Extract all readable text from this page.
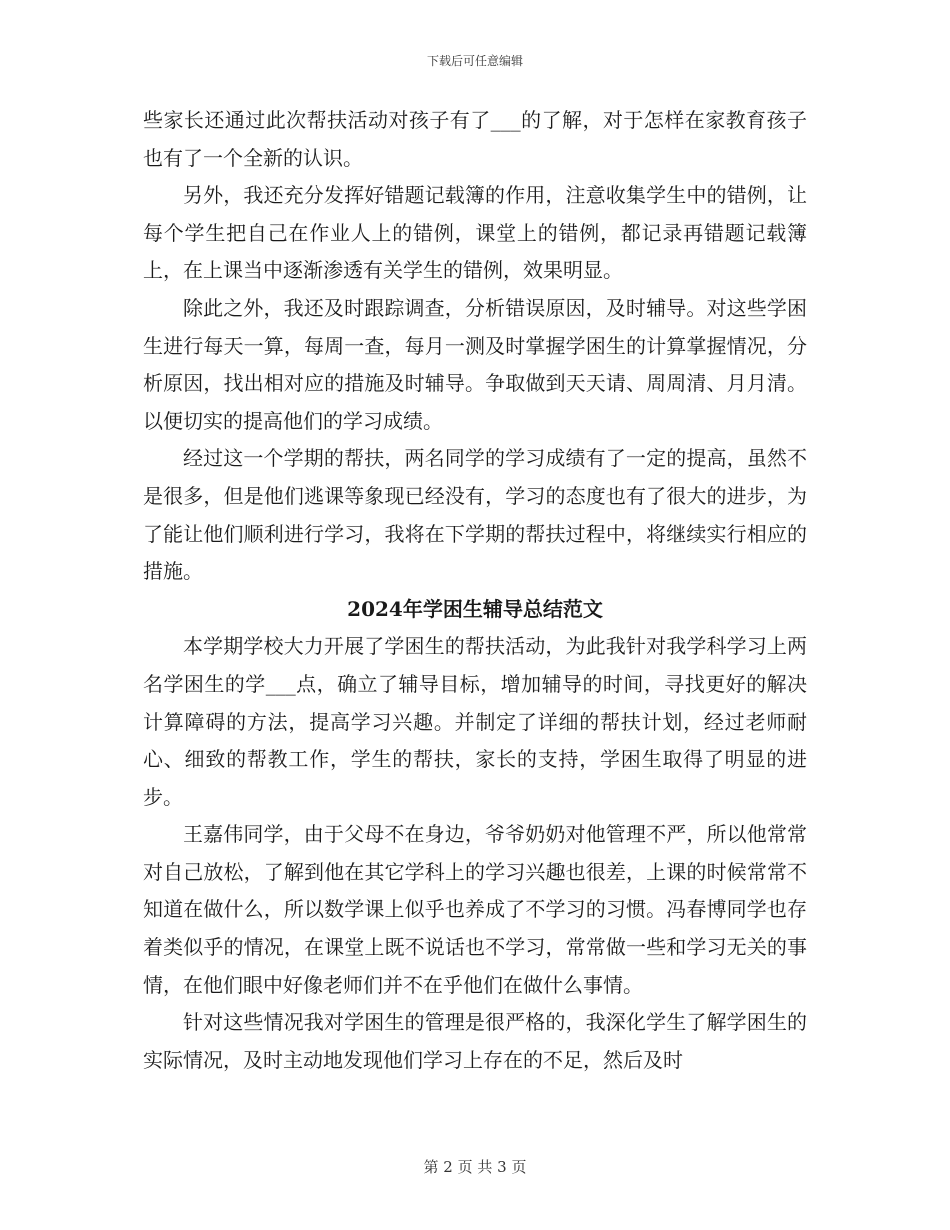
下载后可任意编辑

些家长还通过此次帮扶活动对孩子有了___的了解，对于怎样在家教育孩子也有了一个全新的认识。

另外，我还充分发挥好错题记载簿的作用，注意收集学生中的错例，让每个学生把自己在作业人上的错例，课堂上的错例，都记录再错题记载簿上，在上课当中逐渐渗透有关学生的错例，效果明显。

除此之外，我还及时跟踪调查，分析错误原因，及时辅导。对这些学困生进行每天一算，每周一查，每月一测及时掌握学困生的计算掌握情况，分析原因，找出相对应的措施及时辅导。争取做到天天请、周周清、月月清。以便切实的提高他们的学习成绩。

经过这一个学期的帮扶，两名同学的学习成绩有了一定的提高，虽然不是很多，但是他们逃课等象现已经没有，学习的态度也有了很大的进步，为了能让他们顺利进行学习，我将在下学期的帮扶过程中，将继续实行相应的措施。

2024年学困生辅导总结范文

本学期学校大力开展了学困生的帮扶活动，为此我针对我学科学习上两名学困生的学___点，确立了辅导目标，增加辅导的时间，寻找更好的解决计算障碍的方法，提高学习兴趣。并制定了详细的帮扶计划，经过老师耐心、细致的帮教工作，学生的帮扶，家长的支持，学困生取得了明显的进步。

王嘉伟同学，由于父母不在身边，爷爷奶奶对他管理不严，所以他常常对自己放松，了解到他在其它学科上的学习兴趣也很差，上课的时候常常不知道在做什么，所以数学课上似乎也养成了不学习的习惯。冯春博同学也存着类似乎的情况，在课堂上既不说话也不学习，常常做一些和学习无关的事情，在他们眼中好像老师们并不在乎他们在做什么事情。

针对这些情况我对学困生的管理是很严格的，我深化学生了解学困生的实际情况，及时主动地发现他们学习上存在的不足，然后及时

第 2 页 共 3 页
